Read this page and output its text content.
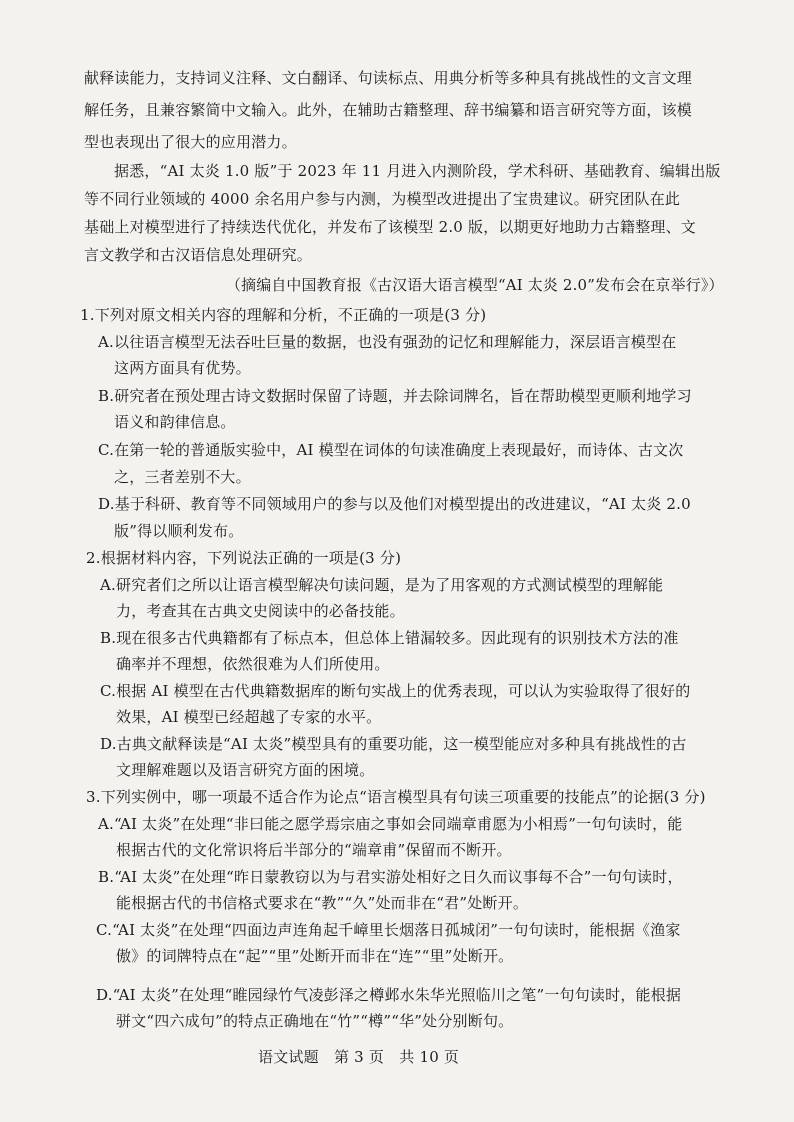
献释读能力，支持词义注释、文白翻译、句读标点、用典分析等多种具有挑战性的文言文理
解任务，且兼容繁简中文输入。此外，在辅助古籍整理、辞书编纂和语言研究等方面，该模
型也表现出了很大的应用潜力。
据悉，“AI 太炎 1.0 版”于 2023 年 11 月进入内测阶段，学术科研、基础教育、编辑出版
等不同行业领域的 4000 余名用户参与内测，为模型改进提出了宝贵建议。研究团队在此
基础上对模型进行了持续迭代优化，并发布了该模型 2.0 版，以期更好地助力古籍整理、文
言文教学和古汉语信息处理研究。
（摘编自中国教育报《古汉语大语言模型“AI 太炎 2.0”发布会在京举行》）
1.下列对原文相关内容的理解和分析，不正确的一项是(3 分)
A.以往语言模型无法吞吐巨量的数据，也没有强劲的记忆和理解能力，深层语言模型在
这两方面具有优势。
B.研究者在预处理古诗文数据时保留了诗题，并去除词牌名，旨在帮助模型更顺利地学习
语义和韵律信息。
C.在第一轮的普通版实验中，AI 模型在词体的句读准确度上表现最好，而诗体、古文次
之，三者差别不大。
D.基于科研、教育等不同领域用户的参与以及他们对模型提出的改进建议，“AI 太炎 2.0
版”得以顺利发布。
2.根据材料内容，下列说法正确的一项是(3 分)
A.研究者们之所以让语言模型解决句读问题，是为了用客观的方式测试模型的理解能
力，考查其在古典文史阅读中的必备技能。
B.现在很多古代典籍都有了标点本，但总体上错漏较多。因此现有的识别技术方法的准
确率并不理想，依然很难为人们所使用。
C.根据 AI 模型在古代典籍数据库的断句实战上的优秀表现，可以认为实验取得了很好的
效果，AI 模型已经超越了专家的水平。
D.古典文献释读是“AI 太炎”模型具有的重要功能，这一模型能应对多种具有挑战性的古
文理解难题以及语言研究方面的困境。
3.下列实例中，哪一项最不适合作为论点“语言模型具有句读三项重要的技能点”的论据(3 分)
A.“AI 太炎”在处理“非曰能之愿学焉宗庙之事如会同端章甫愿为小相焉”一句句读时，能
根据古代的文化常识将后半部分的“端章甫”保留而不断开。
B.“AI 太炎”在处理“昨日蒙教窃以为与君实游处相好之日久而议事每不合”一句句读时，
能根据古代的书信格式要求在“教”“久”处而非在“君”处断开。
C.“AI 太炎”在处理“四面边声连角起千嶂里长烟落日孤城闭”一句句读时，能根据《渔家
傲》的词牌特点在“起”“里”处断开而非在“连”“里”处断开。
D.“AI 太炎”在处理“睢园绿竹气凌彭泽之樽邺水朱华光照临川之笔”一句句读时，能根据
骈文“四六成句”的特点正确地在“竹”“樽”“华”处分别断句。
语文试题　第 3 页　共 10 页
